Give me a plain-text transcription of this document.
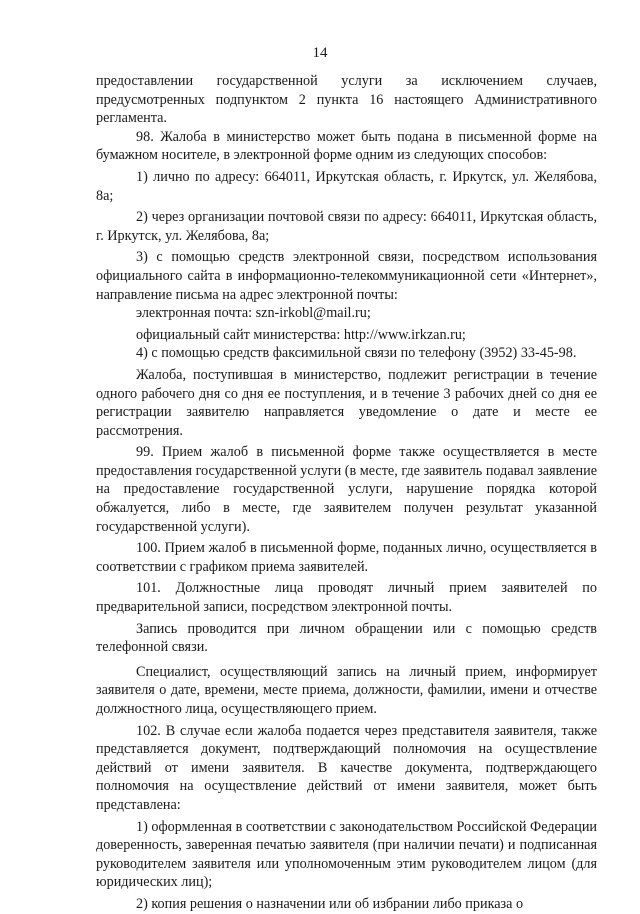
14

предоставлении государственной услуги за исключением случаев, предусмотренных подпунктом 2 пункта 16 настоящего Административного регламента.

98. Жалоба в министерство может быть подана в письменной форме на бумажном носителе, в электронной форме одним из следующих способов:

1) лично по адресу: 664011, Иркутская область, г. Иркутск, ул. Желябова, 8а;

2) через организации почтовой связи по адресу: 664011, Иркутская область, г. Иркутск, ул. Желябова, 8а;

3) с помощью средств электронной связи, посредством использования официального сайта в информационно-телекоммуникационной сети «Интернет», направление письма на адрес электронной почты:

электронная почта: szn-irkobl@mail.ru;

официальный сайт министерства: http://www.irkzan.ru;

4) с помощью средств факсимильной связи по телефону (3952) 33-45-98.

Жалоба, поступившая в министерство, подлежит регистрации в течение одного рабочего дня со дня ее поступления, и в течение 3 рабочих дней со дня ее регистрации заявителю направляется уведомление о дате и месте ее рассмотрения.

99. Прием жалоб в письменной форме также осуществляется в месте предоставления государственной услуги (в месте, где заявитель подавал заявление на предоставление государственной услуги, нарушение порядка которой обжалуется, либо в месте, где заявителем получен результат указанной государственной услуги).

100. Прием жалоб в письменной форме, поданных лично, осуществляется в соответствии с графиком приема заявителей.

101. Должностные лица проводят личный прием заявителей по предварительной записи, посредством электронной почты.

Запись проводится при личном обращении или с помощью средств телефонной связи.

Специалист, осуществляющий запись на личный прием, информирует заявителя о дате, времени, месте приема, должности, фамилии, имени и отчестве должностного лица, осуществляющего прием.

102. В случае если жалоба подается через представителя заявителя, также представляется документ, подтверждающий полномочия на осуществление действий от имени заявителя. В качестве документа, подтверждающего полномочия на осуществление действий от имени заявителя, может быть представлена:

1) оформленная в соответствии с законодательством Российской Федерации доверенность, заверенная печатью заявителя (при наличии печати) и подписанная руководителем заявителя или уполномоченным этим руководителем лицом (для юридических лиц);

2) копия решения о назначении или об избрании либо приказа о
